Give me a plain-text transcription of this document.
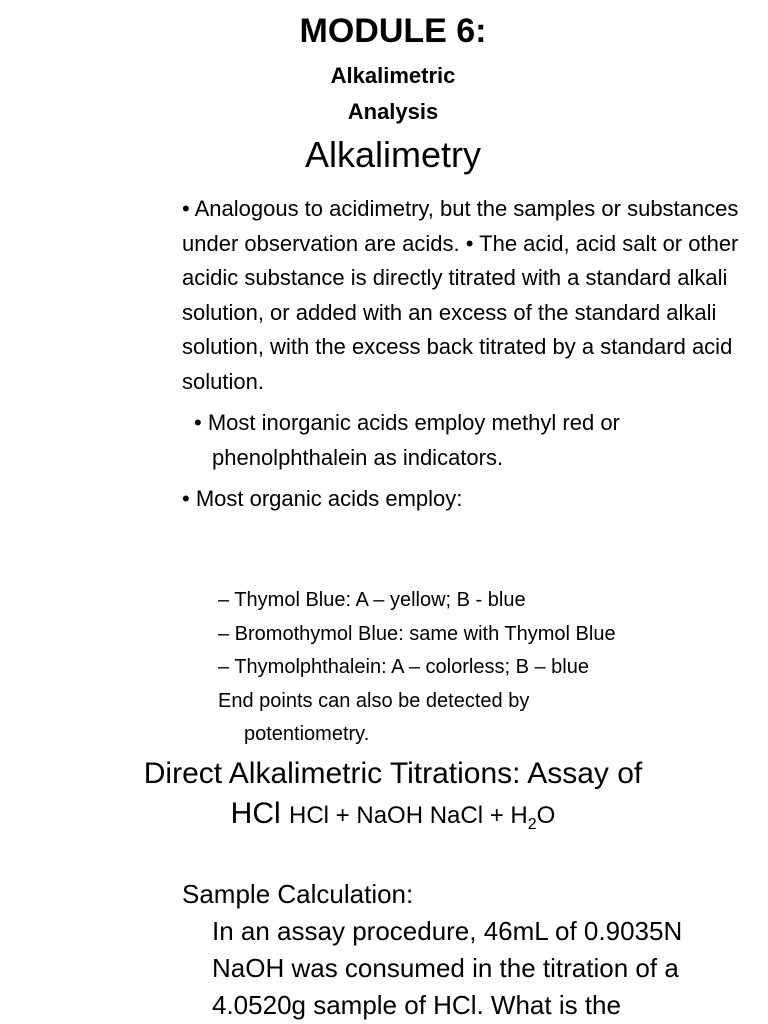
MODULE 6:
Alkalimetric
Analysis
Alkalimetry

• Analogous to acidimetry, but the samples or substances under observation are acids. • The acid, acid salt or other acidic substance is directly titrated with a standard alkali solution, or added with an excess of the standard alkali solution, with the excess back titrated by a standard acid solution.

• Most inorganic acids employ methyl red or phenolphthalein as indicators.

• Most organic acids employ:

– Thymol Blue: A – yellow; B - blue
– Bromothymol Blue: same with Thymol Blue
– Thymolphthalein: A – colorless; B – blue
End points can also be detected by
potentiometry.
Direct Alkalimetric Titrations: Assay of
HCl HCl + NaOH NaCl + $H_2O$
Sample Calculation:
In an assay procedure, 46mL of 0.9035N
NaOH was consumed in the titration of a
4.0520g sample of HCl. What is the
